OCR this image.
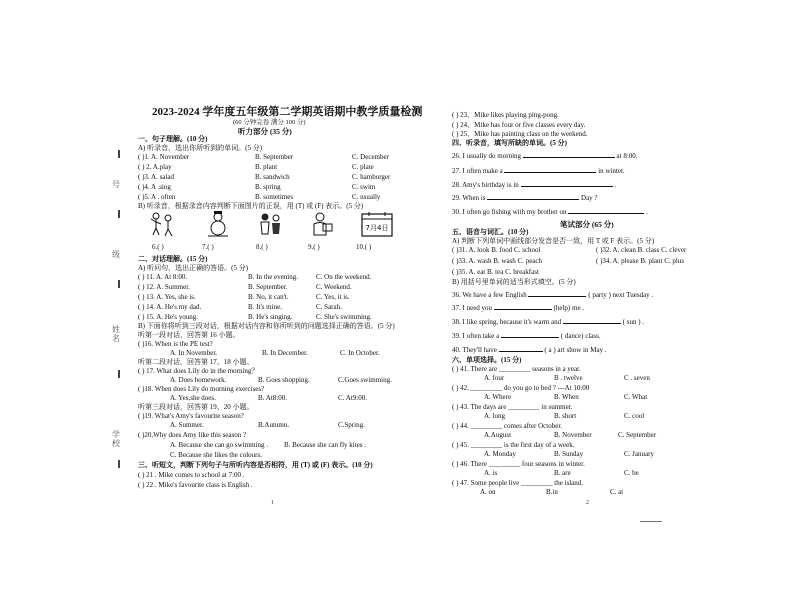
号
级
姓名
学校
2023-2024 学年度五年级第二学期英语期中教学质量检测
(60 分钟完卷 满分 100 分)
听力部分 (35 分)
一、句子理解。(10 分)
A) 听录音，选出你所听到的单词。(5 分)
( )1. A. November	B. September	C. December
( ) 2. A.play	B. plant	C. plate
( )3. A. salad	B. sandwich	C. hamburger
( )4. A .sing	B. spring	C. swim
( )5. A . often	B. sometimes	C. usually
B) 听录音，根据录音内容判断下面图片的正误，用 (T) 或 (F) 表示。(5 分)
7月4日
6.( )	7.( )	8.( )	9.( )	10.( )
二、对话理解。(15 分)
A) 听问句，选出正确的答语。(5 分)
( ) 11. A. At 8:00.	B. In the evening.	C. On the weekend.
( ) 12. A. Summer.	B. September.	C. Weekend.
( ) 13. A. Yes, she is.	B. No, it can't.	C. Yes, it is.
( ) 14. A. He's my dad.	B. It's mine.	C. Sarah.
( ) 15. A. He's young.	B. He's singing.	C. She's swimming.
B) 下面你将听到三段对话，根据对话内容和你所听到的问题选择正确的答语。(5 分)
听第一段对话，回答第 16 小题。
( )16. When is the PE test?
A. In November.	B. In December.	C. In October.
听第二段对话，回答第 17、18 小题。
( ) 17. What does Lily do in the morning？
A. Does homework.	B. Goes shopping.	C.Goes swimming.
( )18. When does Lily do morning exercises?
A. Yes,she does.	B. At8:00.	C. At9:00.
听第三段对话，回答第 19、20 小题。
( )19. What's Amy's favourite season?
A. Summer.	B.Autumn.	C.Spring.
( )20.Why does Amy like this season ?
A. Because she can go swimming . B. Because she can fly kites .
C. Because she likes the colours.
三、听短文，判断下列句子与所听内容是否相符，用 (T) 或 (F) 表示。(10 分)
( ) 21 . Mike comes to school at 7:00 .
( ) 22 . Mike's favourite class is English .
1
( ) 23、Mike likes playing ping-pong.
( ) 24、Mike has four or five classes every day.
( ) 25、Mike has painting class on the weekend.
四、听录音，填写所缺的单词。(5 分)
26. I usually do morning	at 8:00.
27. I often make a	in winter.
28. Amy's birthday is in	.
29. When is	Day ?
30. I often go fishing with my brother on	.
笔试部分 (65 分)
五、语音与词汇。(10 分)
A) 判断下列单词中画线部分发音是否一致，用 T 或 F 表示。(5 分)
( )31. A. look B. food C. school	( )32. A. clean B. class C. clever
( )33. A. wash B. wash C. peach	( )34. A. please B. plant C. plus
( )35. A. eat B. tea C. breakfast
B) 用括号里单词的适当形式填空。(5 分)
36. We have a few English	( party ) next Tuesday .
37. I need you	(help) me .
38. I like spring, because it's warm and	( sun ) .
39. I often take a	( dance) class.
40. They'll have	( a ) art show in May .
六、单项选择。(15 分)
( ) 41. There are _________ seasons in a year.
A. four	B . twelve	C . seven
( ) 42. _________ do you go to bed ? ---At 10:00
A. Where	B. When	C. What
( ) 43. The days are _________ in summer.
A. long	B. short	C. cool
( ) 44. _________ comes after October.
A.August	B. November	C. September
( ) 45. _________ is the first day of a week.
A. Monday	B. Sunday	C. January
( ) 46. There _________ four seasons in winter.
A. is	B. are	C. be
( ) 47. Some people live _________ the island.
A. on	B.in	C. at
2
